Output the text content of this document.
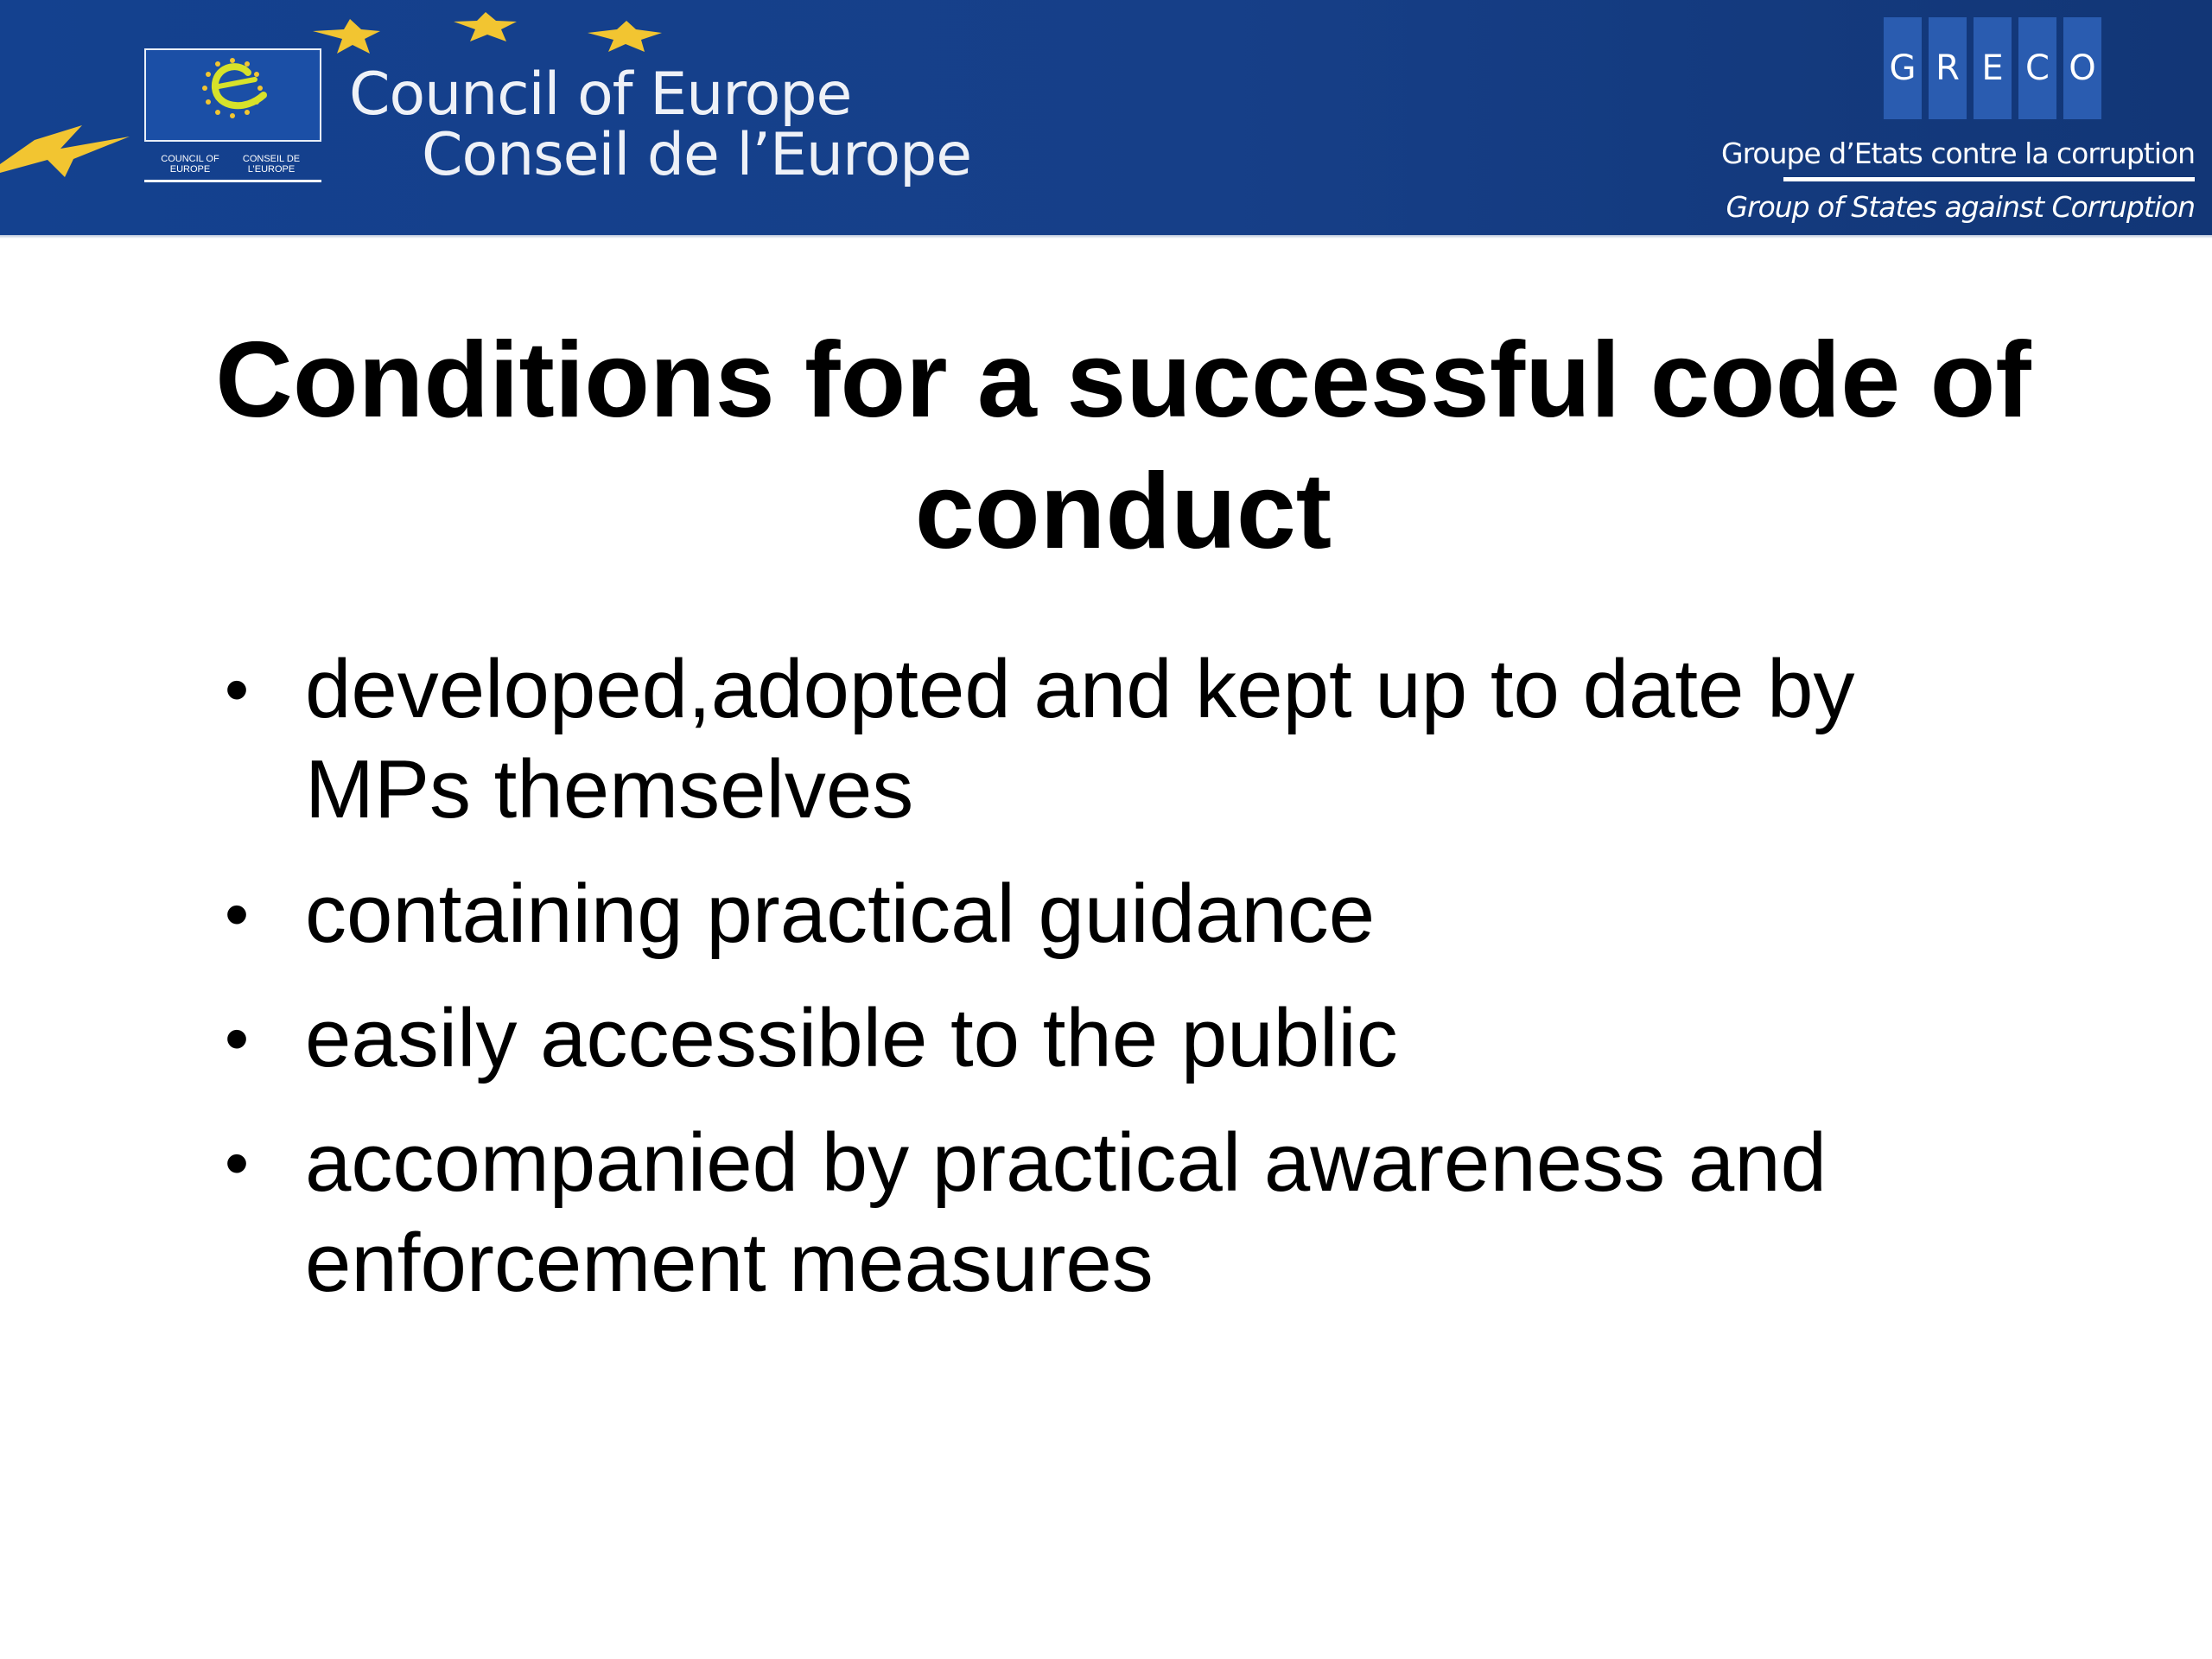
COUNCIL OF EUROPE
CONSEIL DE L’EUROPE
Council of Europe
Conseil de l’Europe
G R E C O
Groupe d’Etats contre la corruption
Group of States against Corruption
Conditions for a successful code of conduct
• developed,adopted and kept up to date by MPs themselves
• containing practical guidance
• easily accessible to the public
• accompanied by practical awareness and enforcement measures
